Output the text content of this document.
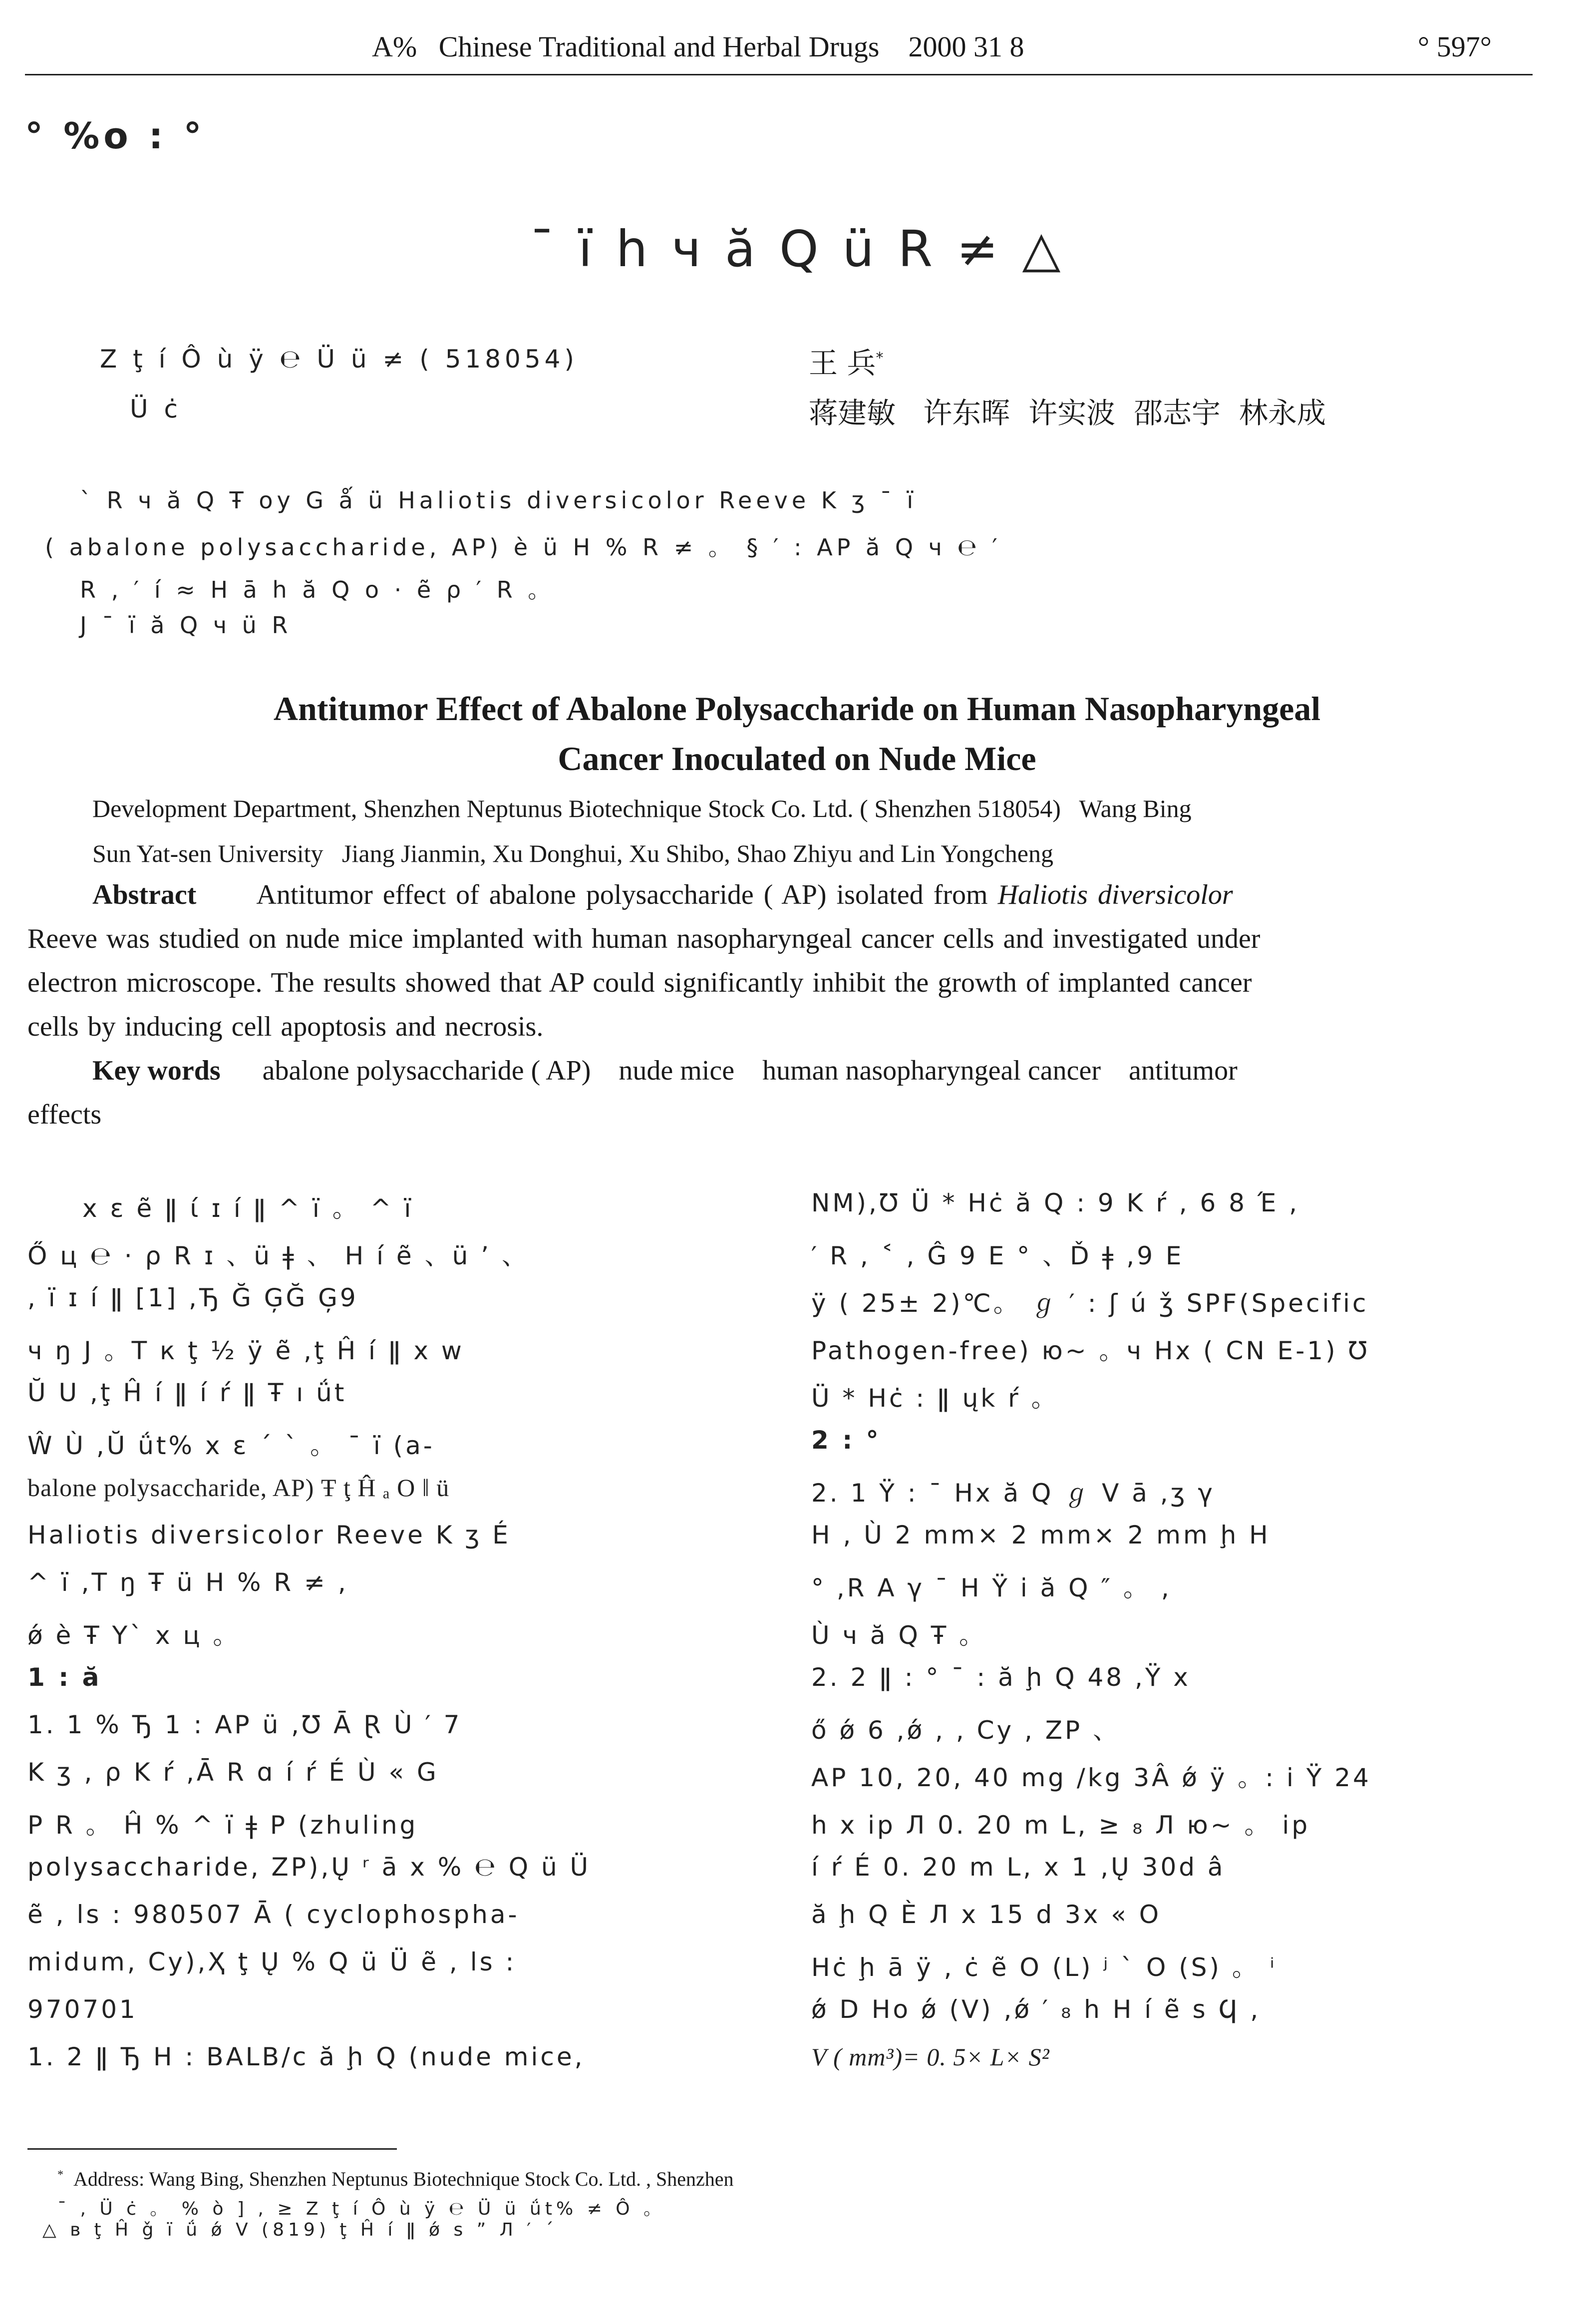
A% Chinese Traditional and Herbal Drugs 2000 31 8	° 597°
° %o : °
ˉ ï h ч ă Q ü R ≠ △
Z ţ í Ô ù ÿ ℮ Ü ü ≠ ( 518054)
Ü ċ
王 兵*
蒋建敏   许东晖  许实波  邵志宇  林永成
ˋ R ч ă Q Ŧ oy G ǻ ü Haliotis diversicolor Reeve K ʒ ˉ ï
( abalone polysaccharide, AP) è ü H % R ≠ 。 § ′ : AP ă Q ч ℮ ′
R , ′ í ≈ H ā h ă Q o · ẽ ρ ′ R 。
J ˉ ï ă Q ч ü R
Antitumor Effect of Abalone Polysaccharide on Human Nasopharyngeal
Cancer Inoculated on Nude Mice
Development Department, Shenzhen Neptunus Biotechnique Stock Co. Ltd. ( Shenzhen 518054)   Wang Bing
Sun Yat-sen University   Jiang Jianmin, Xu Donghui, Xu Shibo, Shao Zhiyu and Lin Yongcheng
Abstract Antitumor effect of abalone polysaccharide ( AP) isolated from Haliotis diversicolor
Reeve was studied on nude mice implanted with human nasopharyngeal cancer cells and investigated under
electron microscope. The results showed that AP could significantly inhibit the growth of implanted cancer
cells by inducing cell apoptosis and necrosis.
Key words abalone polysaccharide ( AP)    nude mice    human nasopharyngeal cancer    antitumor
effects
x ε ẽ ǁ ί ɪ í ǁ ^ ï 。 ^ ï
Ő ц ℮ · ρ R ɪ 、ü ǂ 、 H í ẽ 、ü ’ 、
, ï ɪ í ǁ [1] ,Ђ Ğ ĢĞ Ģ9
ч ŋ J 。T к ţ ½ ÿ ẽ ,ţ Ĥ í ǁ x w
Ŭ U ,ţ Ĥ í ǁ í ŕ ǁ Ŧ ı ǘt
Ŵ Ù ,Ŭ ǘt% x ε ´ ˋ 。 ˉ ï (a-
balone polysaccharide, AP) Ŧ ţ Ĥ ₐ O ǁ ü
Haliotis diversicolor Reeve K ʒ É
^ ï ,T ŋ Ŧ ü H % R ≠ ,
ǿ è Ŧ Y` x ц 。
1 : ă
1. 1 % Ђ 1 : AP ü ,Ʊ Ā Ɽ Ù ′ 7
K ʒ , ρ K ŕ ,Ā R ɑ í ŕ É Ù « G
P R 。 Ĥ % ^ ï ǂ P (zhuling
polysaccharide, ZP),Ų ʳ ā x % ℮ Q ü Ü
ẽ , ls : 980507 Ā ( cyclophospha-
midum, Cy),Ҳ ţ Ų % Q ü Ü ẽ , ls :
970701
1. 2 ǁ Ђ H : BALB/c ă ḩ Q (nude mice,
NM),Ʊ Ü * Hċ ă Q : 9 K ŕ , 6 8 Έ ,
′ R , ˂ , Ĝ 9 E ° 、Ď ǂ ,9 E
ÿ ( 25± 2)℃。 ℊ ′ : ʃ ú ǯ SPF(Specific
Pathogen-free) ю~ 。ч Hx ( CN E-1) Ʊ
Ü * Hċ : ǁ ųk ŕ 。
2 : °
2. 1 Ÿ : ¯ Hx ă Q ℊ V ā ,ʒ γ
H , Ù 2 mm× 2 mm× 2 mm ḩ H
° ,R A γ ¯ H Ÿ i ă Q ″ 。 ,
Ù ч ă Q Ŧ 。
2. 2 ǁ : ° ¯ : ă ḩ Q 48 ,Ÿ x
ő ǿ 6 ,ǿ , , Cy , ZP 、
AP 10, 20, 40 mg /kg 3Â ǿ ÿ 。: i Ÿ 24
h x ip Л 0. 20 m L, ≥ ₈ Л ю~ 。 ip
í ŕ É 0. 20 m L, x 1 ,Ų 30d â
ă ḩ Q È Л x 15 d 3x « O
Hċ ḩ ā ÿ , ċ ẽ O (L) ʲ ` O (S) 。 ⁱ
ǿ D Ho ǿ (V) ,ǿ ′ ₈ h H í ẽ s Ϥ ,
V ( mm³)= 0. 5× L× S²
* Address: Wang Bing, Shenzhen Neptunus Biotechnique Stock Co. Ltd. , Shenzhen
ˉ , Ü ċ 。 % ò ] , ≥ Z ţ í Ô ù ÿ ℮ Ü ü ǘt% ≠ Ô 。
△ ʙ ţ Ĥ ǧ ï ǘ ǿ V (819) ţ Ĥ í ǁ ǿ s ” Л ′ ´
